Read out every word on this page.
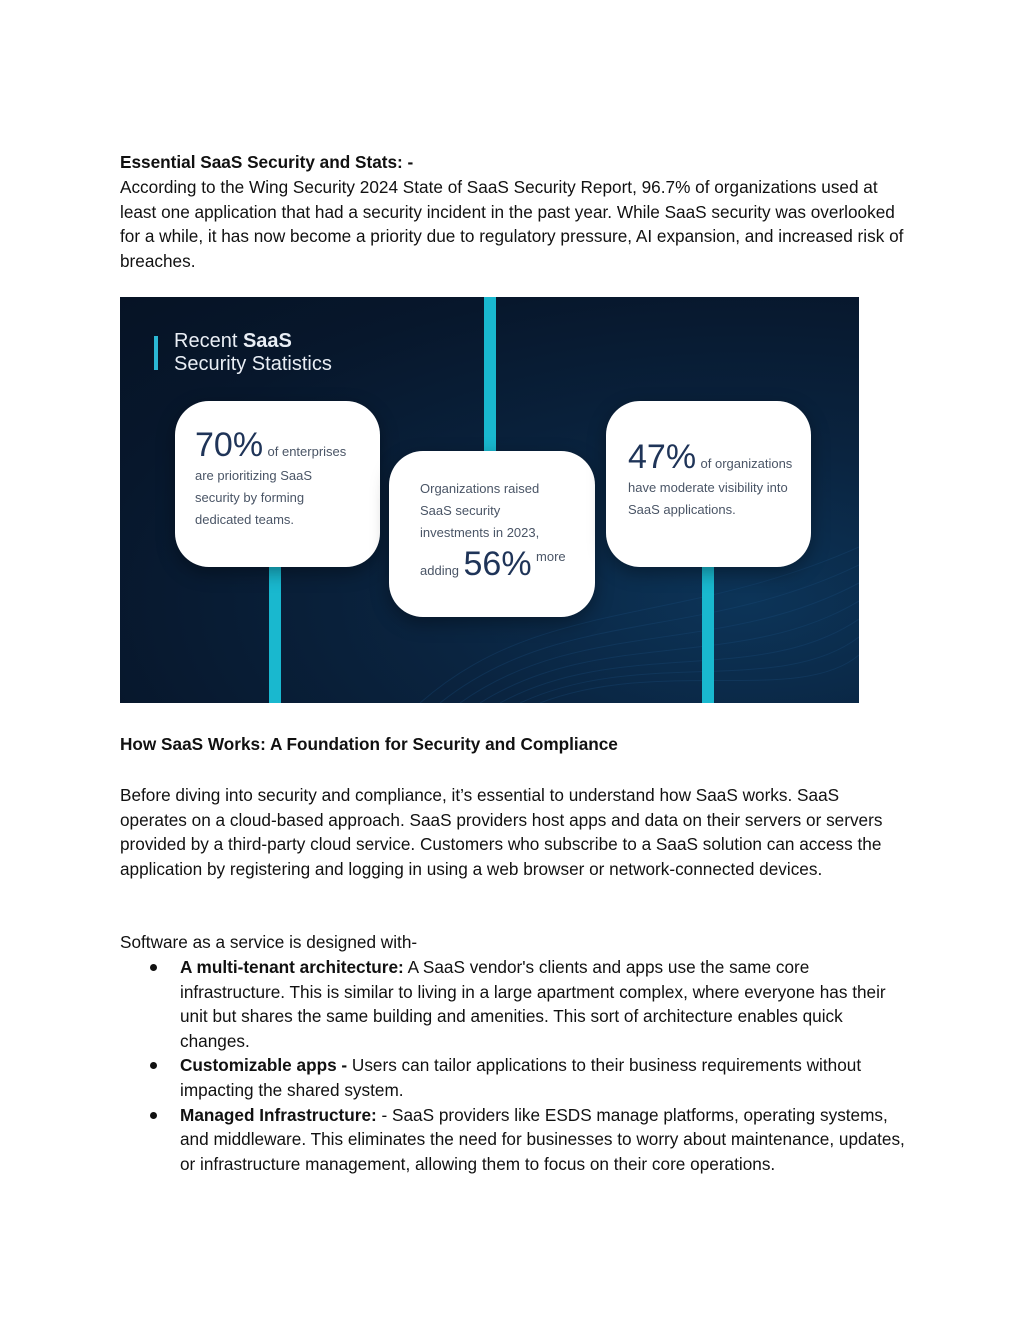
Essential SaaS Security and Stats: -
According to the Wing Security 2024 State of SaaS Security Report, 96.7% of organizations used at least one application that had a security incident in the past year. While SaaS security was overlooked for a while, it has now become a priority due to regulatory pressure, AI expansion, and increased risk of breaches.
Recent SaaS
Security Statistics
70% of enterprises
are prioritizing SaaS
security by forming
dedicated teams.
Organizations raised
SaaS security
investments in 2023,
adding 56% $^{more}$
47% of organizations
have moderate visibility into
SaaS applications.
How SaaS Works: A Foundation for Security and Compliance
Before diving into security and compliance, it’s essential to understand how SaaS works. SaaS operates on a cloud-based approach. SaaS providers host apps and data on their servers or servers provided by a third-party cloud service. Customers who subscribe to a SaaS solution can access the application by registering and logging in using a web browser or network-connected devices.
Software as a service is designed with-
A multi-tenant architecture: A SaaS vendor's clients and apps use the same core infrastructure. This is similar to living in a large apartment complex, where everyone has their unit but shares the same building and amenities. This sort of architecture enables quick changes.
Customizable apps - Users can tailor applications to their business requirements without impacting the shared system.
Managed Infrastructure: - SaaS providers like ESDS manage platforms, operating systems, and middleware. This eliminates the need for businesses to worry about maintenance, updates, or infrastructure management, allowing them to focus on their core operations.
